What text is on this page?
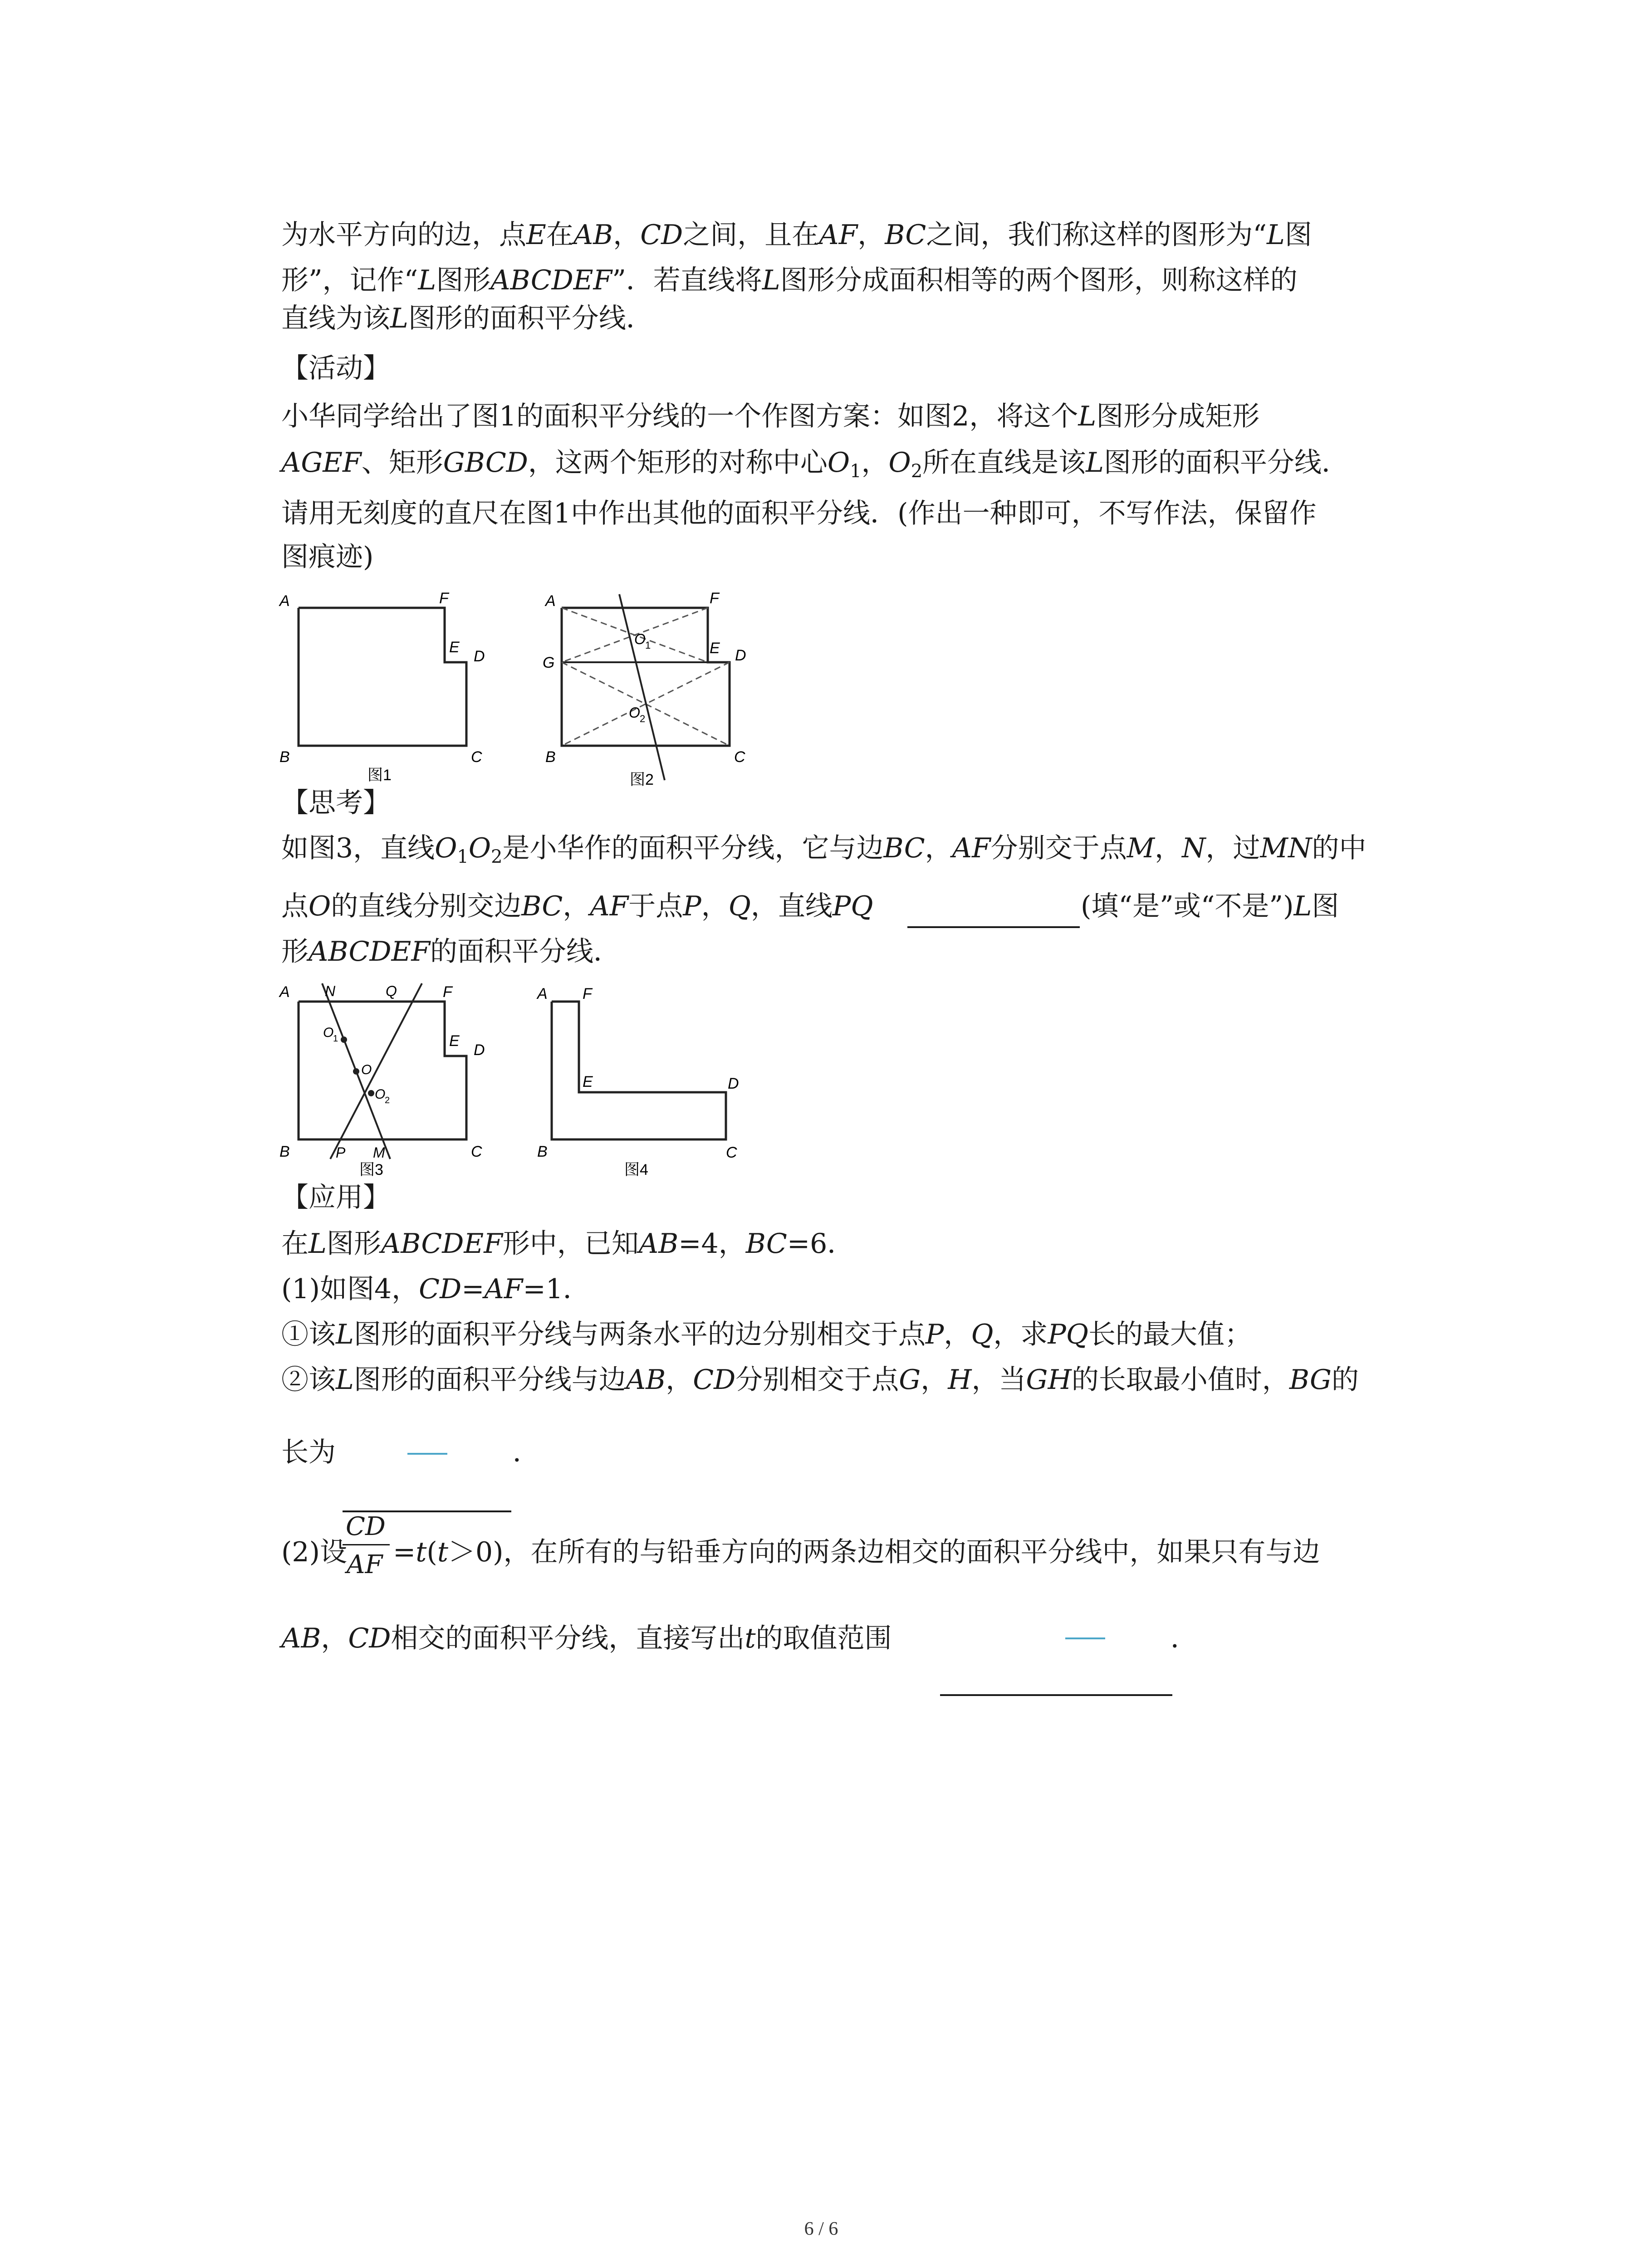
为水平方向的边，点E在AB，CD之间，且在AF，BC之间，我们称这样的图形为“L图
形”，记作“L图形ABCDEF”．若直线将L图形分成面积相等的两个图形，则称这样的
直线为该L图形的面积平分线．
【活动】
小华同学给出了图1的面积平分线的一个作图方案：如图2，将这个L图形分成矩形
AGEF、矩形GBCD，这两个矩形的对称中心$O_1$，$O_2$所在直线是该L图形的面积平分线．
请用无刻度的直尺在图1中作出其他的面积平分线．(作出一种即可，不写作法，保留作
图痕迹)
A
B	C
D
E
F
图1
A
B	C
D
E
F
G
O 1
O 2
图2
【思考】
如图3，直线$O_1O_2$是小华作的面积平分线，它与边BC，AF分别交于点M，N，过MN的中
点O的直线分别交边BC，AF于点P，Q，直线PQ	(填“是”或“不是”)L图
形ABCDEF的面积平分线．
A
B	C
D
E
F
N	Q
P M
O
1
O
O
2
图3
A
B	C
D
E
F
图4
【应用】
在L图形ABCDEF形中，已知AB=4，BC=6．
(1)如图4，CD=AF=1．
①该L图形的面积平分线与两条水平的边分别相交于点P，Q，求PQ长的最大值；
②该L图形的面积平分线与边AB，CD分别相交于点G，H，当GH的长取最小值时，BG的
长为	．
(2)设
CD
AF =t(t＞0)，在所有的与铅垂方向的两条边相交的面积平分线中，如果只有与边
AB，CD相交的面积平分线，直接写出t的取值范围	．
6 / 6
